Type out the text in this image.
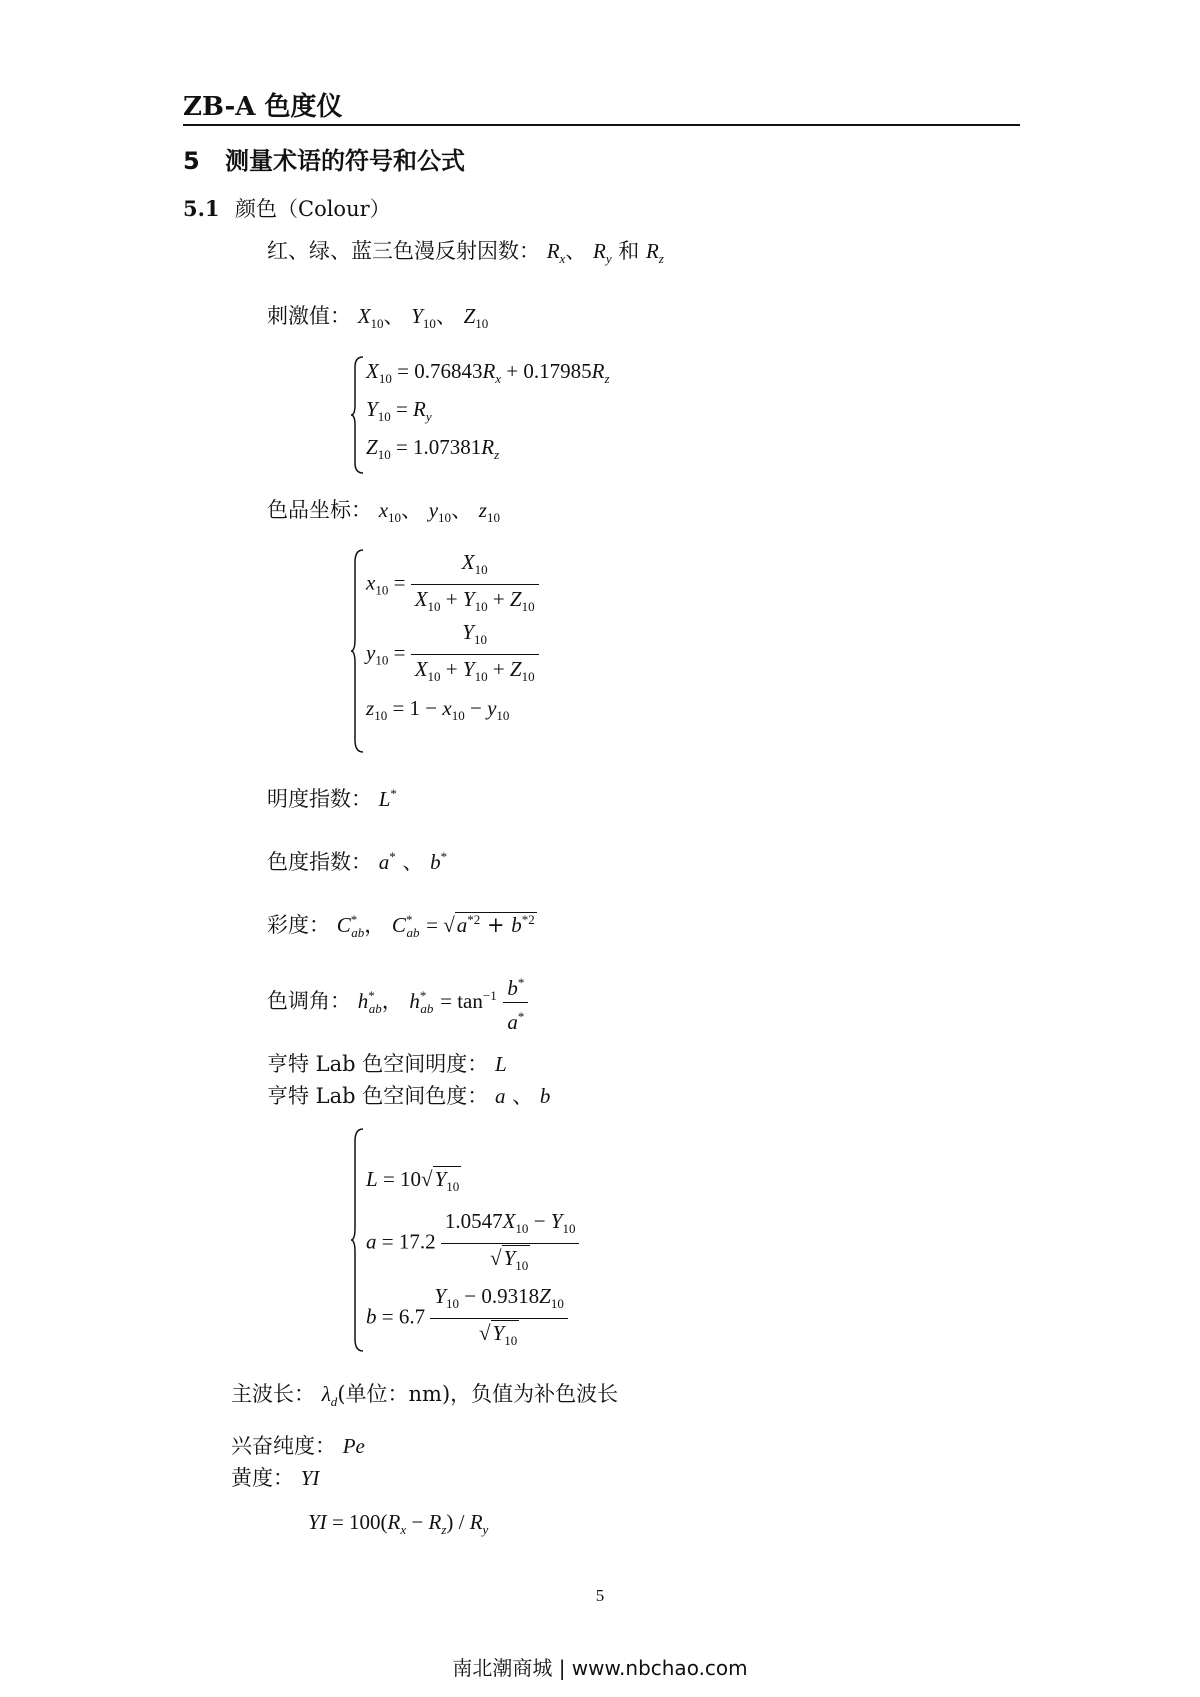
ZB-A 色度仪
5 测量术语的符号和公式
5.1 颜色（Colour）
红、绿、蓝三色漫反射因数： $R_x$、 $R_y$ 和 $R_z$
刺激值： $X_{10}$、 $Y_{10}$、 $Z_{10}$
$X_{10} = 0.76843R_x + 0.17985R_z$
$Y_{10} = R_y$
$Z_{10} = 1.07381R_z$
色品坐标： $x_{10}$、 $y_{10}$、 $z_{10}$
$x_{10} = \frac{X_{10}}{X_{10} + Y_{10} + Z_{10}}$
$y_{10} = \frac{Y_{10}}{X_{10} + Y_{10} + Z_{10}}$
$z_{10} = 1 - x_{10} - y_{10}$
明度指数： L*
色度指数： a* 、 b*
彩度： $C^*_{ab}$， $C^*_{ab} = √a^{*2} + b^{*2}$
色调角： $h^*_{ab}$， $h^*_{ab} = \tan^{-1} \frac{b^*}{a^*}$
亨特 Lab 色空间明度： L
亨特 Lab 色空间色度： a 、 b
$L = 10√Y_{10}$
$a = 17.2 \frac{1.0547X_{10} - Y_{10}}{√Y_{10}}$
$b = 6.7 \frac{Y_{10} - 0.9318Z_{10}}{√Y_{10}}$
主波长： $\lambda_d$(单位：nm)，负值为补色波长
兴奋纯度： Pe
黄度： YI
YI = $100(R_x - R_z) / R_y$
5
南北潮商城 | www.nbchao.com
